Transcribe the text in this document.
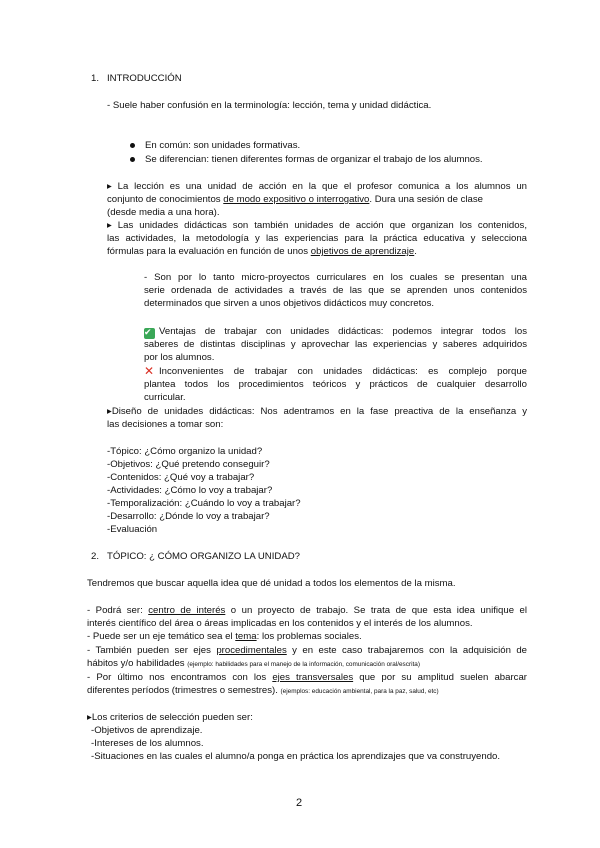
1. INTRODUCCIÓN
- Suele haber confusión en la terminología: lección, tema y unidad didáctica.
En común: son unidades formativas.
Se diferencian: tienen diferentes formas de organizar el trabajo de los alumnos.
▸ La lección es una unidad de acción en la que el profesor comunica a los alumnos un
conjunto de conocimientos de modo expositivo o interrogativo. Dura una sesión de clase
(desde media a una hora).
▸ Las unidades didácticas son también unidades de acción que organizan los contenidos,
las actividades, la metodología y las experiencias para la práctica educativa y selecciona
fórmulas para la evaluación en función de unos objetivos de aprendizaje.
- Son por lo tanto micro-proyectos curriculares en los cuales se presentan una
serie ordenada de actividades a través de las que se aprenden unos contenidos
determinados que sirven a unos objetivos didácticos muy concretos.
✔ Ventajas de trabajar con unidades didácticas: podemos integrar todos los
saberes de distintas disciplinas y aprovechar las experiencias y saberes adquiridos
por los alumnos.
✕ Inconvenientes de trabajar con unidades didácticas: es complejo porque
plantea todos los procedimientos teóricos y prácticos de cualquier desarrollo
curricular.
▸Diseño de unidades didácticas: Nos adentramos en la fase preactiva de la enseñanza y
las decisiones a tomar son:
-Tópico: ¿Cómo organizo la unidad?
-Objetivos: ¿Qué pretendo conseguir?
-Contenidos: ¿Qué voy a trabajar?
-Actividades: ¿Cómo lo voy a trabajar?
-Temporalización: ¿Cuándo lo voy a trabajar?
-Desarrollo: ¿Dónde lo voy a trabajar?
-Evaluación
2. TÓPICO: ¿ CÓMO ORGANIZO LA UNIDAD?
Tendremos que buscar aquella idea que dé unidad a todos los elementos de la misma.
- Podrá ser: centro de interés o un proyecto de trabajo. Se trata de que esta idea unifique el
interés científico del área o áreas implicadas en los contenidos y el interés de los alumnos.
- Puede ser un eje temático sea el tema: los problemas sociales.
- También pueden ser ejes procedimentales y en este caso trabajaremos con la adquisición de
hábitos y/o habilidades (ejemplo: habilidades para el manejo de la información, comunicación oral/escrita)
- Por último nos encontramos con los ejes transversales que por su amplitud suelen abarcar
diferentes períodos (trimestres o semestres). (ejemplos: educación ambiental, para la paz, salud, etc)
▸Los criterios de selección pueden ser:
-Objetivos de aprendizaje.
-Intereses de los alumnos.
-Situaciones en las cuales el alumno/a ponga en práctica los aprendizajes que va construyendo.
2
